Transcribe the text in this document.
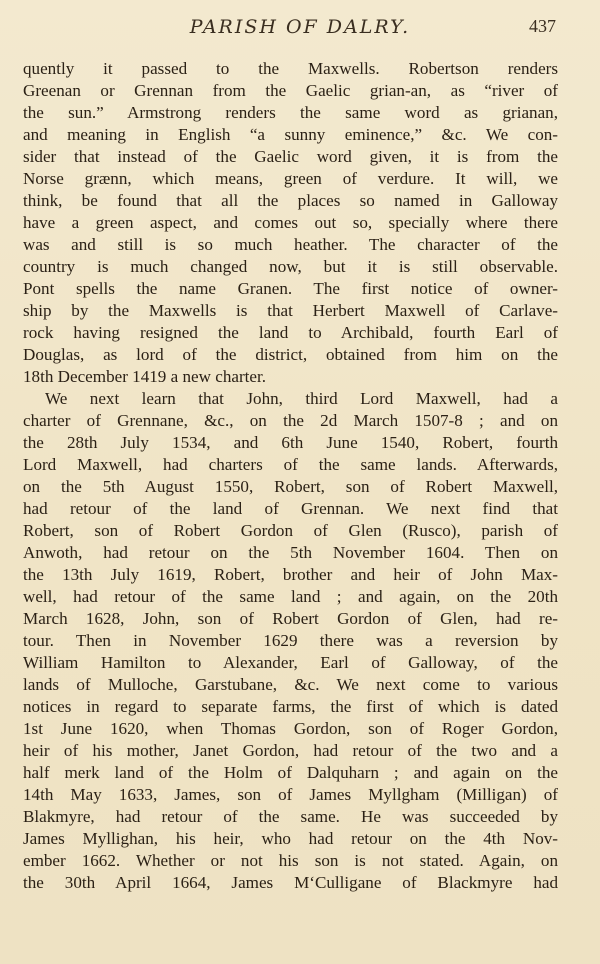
PARISH OF DALRY.	437
quently it passed to the Maxwells. Robertson renders
Greenan or Grennan from the Gaelic grian-an, as “river of
the sun.” Armstrong renders the same word as grianan,
and meaning in English “a sunny eminence,” &c. We con-
sider that instead of the Gaelic word given, it is from the
Norse grænn, which means, green of verdure. It will, we
think, be found that all the places so named in Galloway
have a green aspect, and comes out so, specially where there
was and still is so much heather. The character of the
country is much changed now, but it is still observable.
Pont spells the name Granen. The first notice of owner-
ship by the Maxwells is that Herbert Maxwell of Carlave-
rock having resigned the land to Archibald, fourth Earl of
Douglas, as lord of the district, obtained from him on the
18th December 1419 a new charter.
We next learn that John, third Lord Maxwell, had a
charter of Grennane, &c., on the 2d March 1507-8 ; and on
the 28th July 1534, and 6th June 1540, Robert, fourth
Lord Maxwell, had charters of the same lands. Afterwards,
on the 5th August 1550, Robert, son of Robert Maxwell,
had retour of the land of Grennan. We next find that
Robert, son of Robert Gordon of Glen (Rusco), parish of
Anwoth, had retour on the 5th November 1604. Then on
the 13th July 1619, Robert, brother and heir of John Max-
well, had retour of the same land ; and again, on the 20th
March 1628, John, son of Robert Gordon of Glen, had re-
tour. Then in November 1629 there was a reversion by
William Hamilton to Alexander, Earl of Galloway, of the
lands of Mulloche, Garstubane, &c. We next come to various
notices in regard to separate farms, the first of which is dated
1st June 1620, when Thomas Gordon, son of Roger Gordon,
heir of his mother, Janet Gordon, had retour of the two and a
half merk land of the Holm of Dalquharn ; and again on the
14th May 1633, James, son of James Myllgham (Milligan) of
Blakmyre, had retour of the same. He was succeeded by
James Myllighan, his heir, who had retour on the 4th Nov-
ember 1662. Whether or not his son is not stated. Again, on
the 30th April 1664, James M‘Culligane of Blackmyre had
